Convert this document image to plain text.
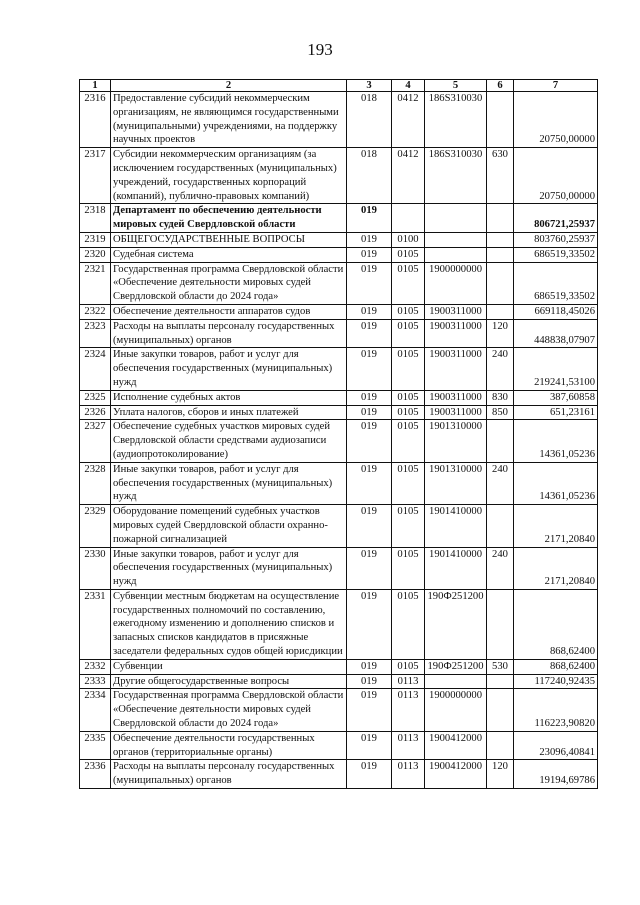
193
1	2	3	4	5	6	7
2316	Предоставление субсидий некоммерческим организациям, не являющимся государственными (муниципальными) учреждениями, на поддержку научных проектов	018	0412	186S310030		20750,00000
2317	Субсидии некоммерческим организациям (за исключением государственных (муниципальных) учреждений, государственных корпораций (компаний), публично-правовых компаний)	018	0412	186S310030	630	20750,00000
2318	Департамент по обеспечению деятельности мировых судей Свердловской области	019				806721,25937
2319	ОБЩЕГОСУДАРСТВЕННЫЕ ВОПРОСЫ	019	0100			803760,25937
2320	Судебная система	019	0105			686519,33502
2321	Государственная программа Свердловской области «Обеспечение деятельности мировых судей Свердловской области до 2024 года»	019	0105	1900000000		686519,33502
2322	Обеспечение деятельности аппаратов судов	019	0105	1900311000		669118,45026
2323	Расходы на выплаты персоналу государственных (муниципальных) органов	019	0105	1900311000	120	448838,07907
2324	Иные закупки товаров, работ и услуг для обеспечения государственных (муниципальных) нужд	019	0105	1900311000	240	219241,53100
2325	Исполнение судебных актов	019	0105	1900311000	830	387,60858
2326	Уплата налогов, сборов и иных платежей	019	0105	1900311000	850	651,23161
2327	Обеспечение судебных участков мировых судей Свердловской области средствами аудиозаписи (аудиопротоколирование)	019	0105	1901310000		14361,05236
2328	Иные закупки товаров, работ и услуг для обеспечения государственных (муниципальных) нужд	019	0105	1901310000	240	14361,05236
2329	Оборудование помещений судебных участков мировых судей Свердловской области охранно-пожарной сигнализацией	019	0105	1901410000		2171,20840
2330	Иные закупки товаров, работ и услуг для обеспечения государственных (муниципальных) нужд	019	0105	1901410000	240	2171,20840
2331	Субвенции местным бюджетам на осуществление государственных полномочий по составлению, ежегодному изменению и дополнению списков и запасных списков кандидатов в присяжные заседатели федеральных судов общей юрисдикции	019	0105	190Ф251200		868,62400
2332	Субвенции	019	0105	190Ф251200	530	868,62400
2333	Другие общегосударственные вопросы	019	0113			117240,92435
2334	Государственная программа Свердловской области «Обеспечение деятельности мировых судей Свердловской области до 2024 года»	019	0113	1900000000		116223,90820
2335	Обеспечение деятельности государственных органов (территориальные органы)	019	0113	1900412000		23096,40841
2336	Расходы на выплаты персоналу государственных (муниципальных) органов	019	0113	1900412000	120	19194,69786
